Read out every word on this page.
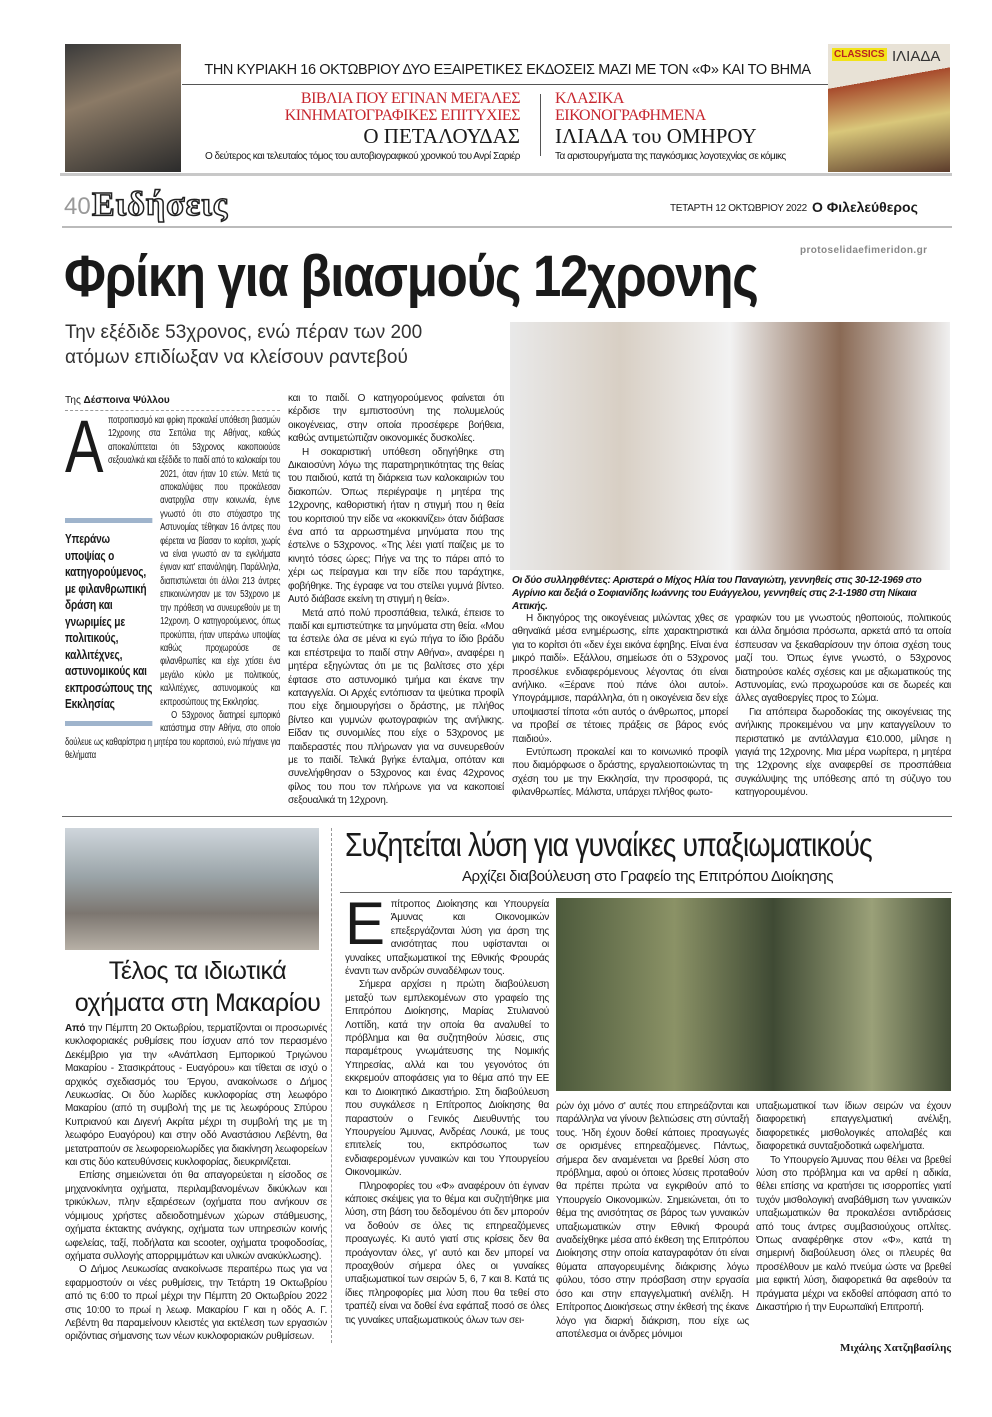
CLASSICS ΙΛΙΑΔΑ
ΤΗΝ ΚΥΡΙΑΚΗ 16 ΟΚΤΩΒΡΙΟΥ ΔΥΟ ΕΞΑΙΡΕΤΙΚΕΣ ΕΚΔΟΣΕΙΣ ΜΑΖΙ ΜΕ ΤΟΝ «Φ» ΚΑΙ ΤΟ ΒΗΜΑ
ΒΙΒΛΙΑ ΠΟΥ ΕΓΙΝΑΝ ΜΕΓΑΛΕΣ
ΚΙΝΗΜΑΤΟΓΡΑΦΙΚΕΣ ΕΠΙΤΥΧΙΕΣ
Ο ΠΕΤΑΛΟΥΔΑΣ
Ο δεύτερος και τελευταίος τόμος του αυτοβιογραφικού χρονικού του Ανρί Σαριέρ
ΚΛΑΣΙΚΑ
ΕΙΚΟΝΟΓΡΑΦΗΜΕΝΑ
ΙΛΙΑΔΑ του ΟΜΗΡΟΥ
Τα αριστουργήματα της παγκόσμιας λογοτεχνίας σε κόμικς
40 Ειδήσεις	ΤΕΤΑΡΤΗ 12 ΟΚΤΩΒΡΙΟΥ 2022 Ο Φιλελεύθερος
protoselidaefimeridon.gr
Φρίκη για βιασμούς 12χρονης
Την εξέδιδε 53χρονος, ενώ πέραν των 200
ατόμων επιδίωξαν να κλείσουν ραντεβού
Της Δέσποινα Ψύλλου
Α
Υπεράνω υποψίας ο κατηγορούμενος, με φιλανθρωπική δράση και γνωριμίες με πολιτικούς, καλλιτέχνες, αστυνομικούς και εκπροσώπους της Εκκλησίας

ποτροπιασμό και φρίκη προκαλεί υπόθεση βιασμών 12χρονης στα Σεπόλια της Αθήνας, καθώς αποκαλύπτεται ότι 53χρονος κακοποιούσε σεξουαλικά και εξέδιδε το παιδί από το καλοκαίρι του 2021, όταν ήταν 10 ετών. Μετά τις αποκαλύψεις που προκάλεσαν ανατριχίλα στην κοινωνία, έγινε γνωστό ότι στο στόχαστρο της Αστυνομίας τέθηκαν 16 άντρες που φέρεται να βίασαν το κορίτσι, χωρίς να είναι γνωστό αν τα εγκλήματα έγιναν κατ' επανάληψη. Παράλληλα, διαπιστώνεται ότι άλλοι 213 άντρες επικοινώνησαν με τον 53χρονο με την πρόθεση να συνευρεθούν με τη 12χρονη. Ο κατηγορούμενος, όπως προκύπτει, ήταν υπεράνω υποψίας καθώς προχωρούσε σε φιλανθρωπίες και είχε χτίσει ένα μεγάλο κύκλο με πολιτικούς, καλλιτέχνες, αστυνομικούς και εκπροσώπους της Εκκλησίας.

Ο 53χρονος διατηρεί εμπορικό κατάστημα στην Αθήνα, στο οποίο δούλευε ως καθαρίστρια η μητέρα του κοριτσιού, ενώ πήγαινε για θελήματα

και το παιδί. Ο κατηγορούμενος φαίνεται ότι κέρδισε την εμπιστοσύνη της πολυμελούς οικογένειας, στην οποία προσέφερε βοήθεια, καθώς αντιμετώπιζαν οικονομικές δυσκολίες.

Η σοκαριστική υπόθεση οδηγήθηκε στη Δικαιοσύνη λόγω της παρατηρητικότητας της θείας του παιδιού, κατά τη διάρκεια των καλοκαιριών του διακοπών. Όπως περιέγραψε η μητέρα της 12χρονης, καθοριστική ήταν η στιγμή που η θεία του κοριτσιού την είδε να «κοκκινίζει» όταν διάβασε ένα από τα αρρωστημένα μηνύματα που της έστελνε ο 53χρονος. «Της λέει γιατί παίζεις με το κινητό τόσες ώρες; Πήγε να της το πάρει από το χέρι ως πείραγμα και την είδε που ταράχτηκε, φοβήθηκε. Της έγραφε να του στείλει γυμνά βίντεο. Αυτό διάβασε εκείνη τη στιγμή η θεία».

Μετά από πολύ προσπάθεια, τελικά, έπεισε το παιδί και εμπιστεύτηκε τα μηνύματα στη θεία. «Μου τα έστειλε όλα σε μένα κι εγώ πήγα το ίδιο βράδυ και επέστρεψα το παιδί στην Αθήνα», αναφέρει η μητέρα εξηγώντας ότι με τις βαλίτσες στο χέρι έφτασε στο αστυνομικό τμήμα και έκανε την καταγγελία. Οι Αρχές εντόπισαν τα ψεύτικα προφίλ που είχε δημιουργήσει ο δράστης, με πλήθος βίντεο και γυμνών φωτογραφιών της ανήλικης. Είδαν τις συνομιλίες που είχε ο 53χρονος με παιδεραστές που πλήρωναν για να συνευρεθούν με το παιδί. Τελικά βγήκε ένταλμα, οπόταν και συνελήφθησαν ο 53χρονος και ένας 42χρονος φίλος του που τον πλήρωνε για να κακοποιεί σεξουαλικά τη 12χρονη.

Οι δύο συλληφθέντες: Αριστερά ο Μίχος Ηλία του Παναγιώτη, γεννηθείς στις 30-12-1969 στο Αγρίνιο και δεξιά ο Σοφιανίδης Ιωάννης του Ευάγγελου, γεννηθείς στις 2-1-1980 στη Νίκαια Αττικής.

Η δικηγόρος της οικογένειας μιλώντας χθες σε αθηναϊκά μέσα ενημέρωσης, είπε χαρακτηριστικά για το κορίτσι ότι «δεν έχει εικόνα έφηβης. Είναι ένα μικρό παιδί». Εξάλλου, σημείωσε ότι ο 53χρονος προσέλκυε ενδιαφερόμενους λέγοντας ότι είναι ανήλικο. «Ξέρανε πού πάνε όλοι αυτοί». Υπογράμμισε, παράλληλα, ότι η οικογένεια δεν είχε υποψιαστεί τίποτα «ότι αυτός ο άνθρωπος, μπορεί να προβεί σε τέτοιες πράξεις σε βάρος ενός παιδιού».

Εντύπωση προκαλεί και το κοινωνικό προφίλ που διαμόρφωσε ο δράστης, εργαλειοποιώντας τη σχέση του με την Εκκλησία, την προσφορά, τις φιλανθρωπίες. Μάλιστα, υπάρχει πλήθος φωτο-

γραφιών του με γνωστούς ηθοποιούς, πολιτικούς και άλλα δημόσια πρόσωπα, αρκετά από τα οποία έσπευσαν να ξεκαθαρίσουν την όποια σχέση τους μαζί του. Όπως έγινε γνωστό, ο 53χρονος διατηρούσε καλές σχέσεις και με αξιωματικούς της Αστυνομίας, ενώ προχωρούσε και σε δωρεές και άλλες αγαθοεργίες προς το Σώμα.

Για απόπειρα δωροδοκίας της οικογένειας της ανήλικης προκειμένου να μην καταγγείλουν το περιστατικό με αντάλλαγμα €10.000, μίλησε η γιαγιά της 12χρονης. Μια μέρα νωρίτερα, η μητέρα της 12χρονης είχε αναφερθεί σε προσπάθεια συγκάλυψης της υπόθεσης από τη σύζυγο του κατηγορουμένου.

Τέλος τα ιδιωτικά
οχήματα στη Μακαρίου

Από την Πέμπτη 20 Οκτωβρίου, τερματίζονται οι προσωρινές κυκλοφοριακές ρυθμίσεις που ίσχυαν από τον περασμένο Δεκέμβριο για την «Ανάπλαση Εμπορικού Τριγώνου Μακαρίου - Στασικράτους - Ευαγόρου» και τίθεται σε ισχύ ο αρχικός σχεδιασμός του Έργου, ανακοίνωσε ο Δήμος Λευκωσίας. Οι δύο λωρίδες κυκλοφορίας στη λεωφόρο Μακαρίου (από τη συμβολή της με τις λεωφόρους Σπύρου Κυπριανού και Διγενή Ακρίτα μέχρι τη συμβολή της με τη λεωφόρο Ευαγόρου) και στην οδό Αναστάσιου Λεβέντη, θα μετατραπούν σε λεωφορειολωρίδες για διακίνηση λεωφορείων και στις δύο κατευθύνσεις κυκλοφορίας, διευκρινίζεται.

Επίσης σημειώνεται ότι θα απαγορεύεται η είσοδος σε μηχανοκίνητα οχήματα, περιλαμβανομένων δικύκλων και τρικύκλων, πλην εξαιρέσεων (οχήματα που ανήκουν σε νόμιμους χρήστες αδειοδοτημένων χώρων στάθμευσης, οχήματα έκτακτης ανάγκης, οχήματα των υπηρεσιών κοινής ωφελείας, ταξί, ποδήλατα και scooter, οχήματα τροφοδοσίας, οχήματα συλλογής απορριμμάτων και υλικών ανακύκλωσης).

Ο Δήμος Λευκωσίας ανακοίνωσε περαιτέρω πως για να εφαρμοστούν οι νέες ρυθμίσεις, την Τετάρτη 19 Οκτωβρίου από τις 6:00 το πρωί μέχρι την Πέμπτη 20 Οκτωβρίου 2022 στις 10:00 το πρωί η λεωφ. Μακαρίου Γ και η οδός Α. Γ. Λεβέντη θα παραμείνουν κλειστές για εκτέλεση των εργασιών οριζόντιας σήμανσης των νέων κυκλοφοριακών ρυθμίσεων.

Συζητείται λύση για γυναίκες υπαξιωματικούς
Αρχίζει διαβούλευση στο Γραφείο της Επιτρόπου Διοίκησης
Ε πίτροπος Διοίκησης και Υπουργεία Άμυνας και Οικονομικών επεξεργάζονται λύση για άρση της ανισότητας που υφίστανται οι γυναίκες υπαξιωματικοί της Εθνικής Φρουράς έναντι των ανδρών συναδέλφων τους.

Σήμερα αρχίσει η πρώτη διαβούλευση μεταξύ των εμπλεκομένων στο γραφείο της Επιτρόπου Διοίκησης, Μαρίας Στυλιανού Λοττίδη, κατά την οποία θα αναλυθεί το πρόβλημα και θα συζητηθούν λύσεις, στις παραμέτρους γνωμάτευσης της Νομικής Υπηρεσίας, αλλά και του γεγονότος ότι εκκρεμούν αποφάσεις για το θέμα από την ΕΕ και το Διοικητικό Δικαστήριο. Στη διαβούλευση που συγκάλεσε η Επίτροπος Διοίκησης θα παραστούν ο Γενικός Διευθυντής του Υπουργείου Άμυνας, Ανδρέας Λουκά, με τους επιτελείς του, εκπρόσωπος των ενδιαφερομένων γυναικών και του Υπουργείου Οικονομικών.

Πληροφορίες του «Φ» αναφέρουν ότι έγιναν κάποιες σκέψεις για το θέμα και συζητήθηκε μια λύση, στη βάση του δεδομένου ότι δεν μπορούν να δοθούν σε όλες τις επηρεαζόμενες προαγωγές. Κι αυτό γιατί στις κρίσεις δεν θα προάγονταν όλες, γι' αυτό και δεν μπορεί να προαχθούν σήμερα όλες οι γυναίκες υπαξιωματικοί των σειρών 5, 6, 7 και 8. Κατά τις ίδιες πληροφορίες μια λύση που θα τεθεί στο τραπέζι είναι να δοθεί ένα εφάπαξ ποσό σε όλες τις γυναίκες υπαξιωματικούς όλων των σει-

ρών όχι μόνο σ' αυτές που επηρεάζονται και παράλληλα να γίνουν βελτιώσεις στη σύνταξή τους. Ήδη έχουν δοθεί κάποιες προαγωγές σε ορισμένες επηρεαζόμενες. Πάντως, σήμερα δεν αναμένεται να βρεθεί λύση στο πρόβλημα, αφού οι όποιες λύσεις προταθούν θα πρέπει πρώτα να εγκριθούν από το Υπουργείο Οικονομικών. Σημειώνεται, ότι το θέμα της ανισότητας σε βάρος των γυναικών υπαξιωματικών στην Εθνική Φρουρά αναδείχθηκε μέσα από έκθεση της Επιτρόπου Διοίκησης στην οποία καταγραφόταν ότι είναι θύματα απαγορευμένης διάκρισης λόγω φύλου, τόσο στην πρόσβαση στην εργασία όσο και στην επαγγελματική ανέλιξη. Η Επίτροπος Διοικήσεως στην έκθεσή της έκανε λόγο για διαρκή διάκριση, που είχε ως αποτέλεσμα οι άνδρες μόνιμοι

υπαξιωματικοί των ίδιων σειρών να έχουν διαφορετική επαγγελματική ανέλιξη, διαφορετικές μισθολογικές απολαβές και διαφορετικά συνταξιοδοτικά ωφελήματα.

Το Υπουργείο Άμυνας που θέλει να βρεθεί λύση στο πρόβλημα και να αρθεί η αδικία, θέλει επίσης να κρατήσει τις ισορροπίες γιατί τυχόν μισθολογική αναβάθμιση των γυναικών υπαξιωματικών θα προκαλέσει αντιδράσεις από τους άντρες συμβασιούχους οπλίτες. Όπως αναφέρθηκε στον «Φ», κατά τη σημερινή διαβούλευση όλες οι πλευρές θα προσέλθουν με καλό πνεύμα ώστε να βρεθεί μια εφικτή λύση, διαφορετικά θα αφεθούν τα πράγματα μέχρι να εκδοθεί απόφαση από το Δικαστήριο ή την Ευρωπαϊκή Επιτροπή.

Μιχάλης Χατζηβασίλης
